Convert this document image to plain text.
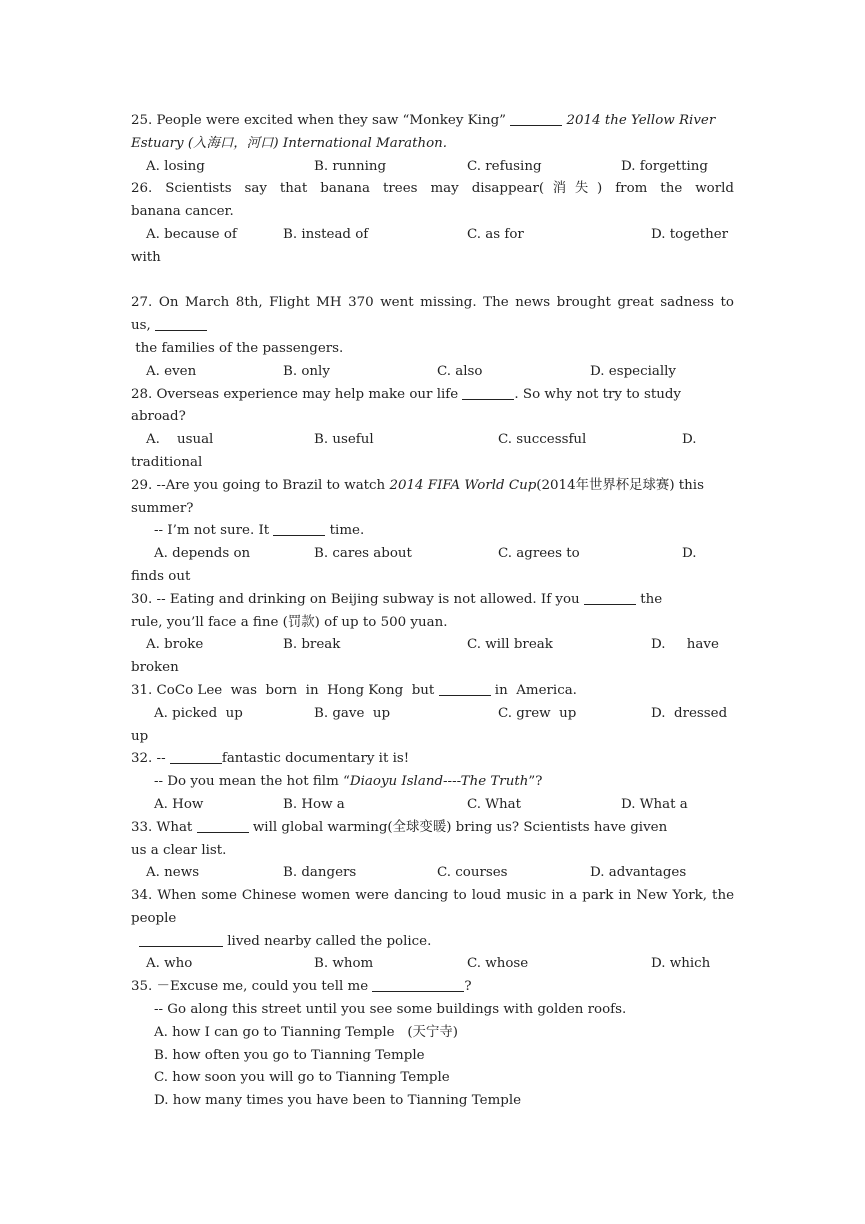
25. People were excited when they saw “Monkey King”	2014 the Yellow River
Estuary (入海口，河口) International Marathon.

A. losing

	B. running

	C. refusing

	D. forgetting

26. Scientists say that banana trees may disappear(消失) from the world
banana cancer.

A. because of

	B. instead of

	C. as for

	D. together

with
27. On March 8th, Flight MH 370 went missing. The news brought great sadness to
us,
the families of the passengers.

A. even

	B. only

	C. also

	D. especially

28. Overseas experience may help make our life	. So why not try to study
abroad?

A.    usual

	B. useful

	C. successful

	D.

traditional
29. --Are you going to Brazil to watch 2014 FIFA World Cup(2014年世界杯足球赛) this
summer?
-- I’m not sure. It	time.

A. depends on

	B. cares about

	C. agrees to

	D.

finds out
30. -- Eating and drinking on Beijing subway is not allowed. If you	the
rule, you’ll face a fine (罚款) of up to 500 yuan.

A. broke

	B. break

	C. will break

	D.     have

broken
31. CoCo Lee  was  born  in  Hong Kong  but	in  America.

A. picked  up

	B. gave  up

	C. grew  up

	D.  dressed

up
32. --	fantastic documentary it is!
-- Do you mean the hot film “Diaoyu Island----The Truth”?

A. How

	B. How a

	C. What

	D. What a

33. What	will global warming(全球变暖) bring us? Scientists have given
us a clear list.

A. news

	B. dangers

	C. courses

	D. advantages

34. When some Chinese women were dancing to loud music in a park in New York, the
people
lived nearby called the police.

A. who

	B. whom

	C. whose

	D. which

35. －Excuse me, could you tell me	?
-- Go along this street until you see some buildings with golden roofs.
A. how I can go to Tianning Temple   (天宁寺)
B. how often you go to Tianning Temple
C. how soon you will go to Tianning Temple
D. how many times you have been to Tianning Temple
